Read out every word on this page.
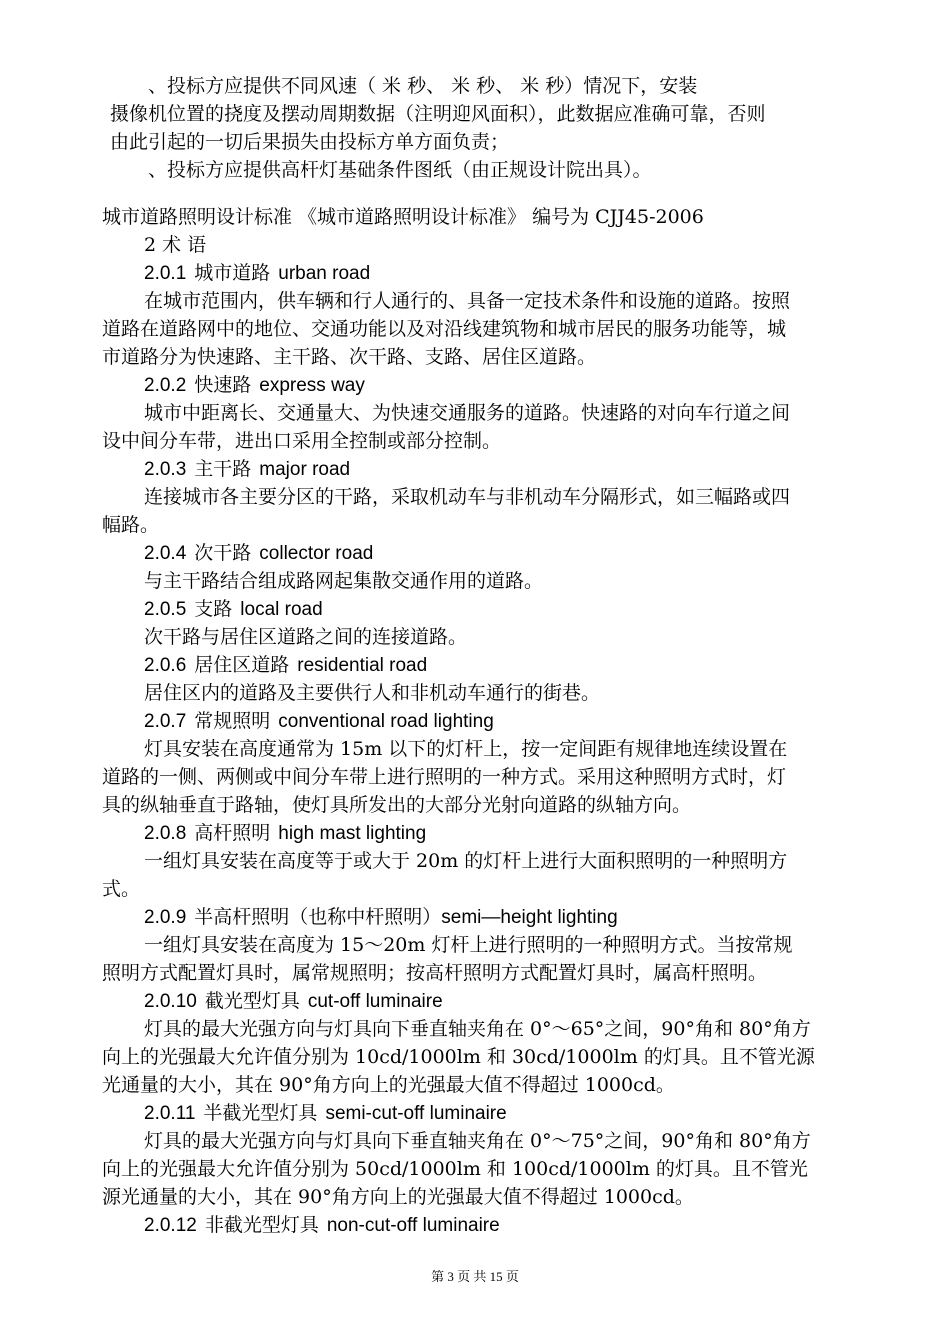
、投标方应提供不同风速（ 米 秒、 米 秒、 米 秒）情况下，安装
摄像机位置的挠度及摆动周期数据（注明迎风面积），此数据应准确可靠，否则
由此引起的一切后果损失由投标方单方面负责；
、投标方应提供高杆灯基础条件图纸（由正规设计院出具）。
城市道路照明设计标准 《城市道路照明设计标准》 编号为 CJJ45-2006
2 术 语
2.0.1 城市道路 urban road
在城市范围内，供车辆和行人通行的、具备一定技术条件和设施的道路。按照
道路在道路网中的地位、交通功能以及对沿线建筑物和城市居民的服务功能等，城
市道路分为快速路、主干路、次干路、支路、居住区道路。
2.0.2 快速路 express way
城市中距离长、交通量大、为快速交通服务的道路。快速路的对向车行道之间
设中间分车带，进出口采用全控制或部分控制。
2.0.3 主干路 major road
连接城市各主要分区的干路，采取机动车与非机动车分隔形式，如三幅路或四
幅路。
2.0.4 次干路 collector road
与主干路结合组成路网起集散交通作用的道路。
2.0.5 支路 local road
次干路与居住区道路之间的连接道路。
2.0.6 居住区道路 residential road
居住区内的道路及主要供行人和非机动车通行的街巷。
2.0.7 常规照明 conventional road lighting
灯具安装在高度通常为 15m 以下的灯杆上，按一定间距有规律地连续设置在
道路的一侧、两侧或中间分车带上进行照明的一种方式。采用这种照明方式时，灯
具的纵轴垂直于路轴，使灯具所发出的大部分光射向道路的纵轴方向。
2.0.8 高杆照明 high mast lighting
一组灯具安装在高度等于或大于 20m 的灯杆上进行大面积照明的一种照明方
式。
2.0.9 半高杆照明（也称中杆照明）semi—height lighting
一组灯具安装在高度为 15～20m 灯杆上进行照明的一种照明方式。当按常规
照明方式配置灯具时，属常规照明；按高杆照明方式配置灯具时，属高杆照明。
2.0.10 截光型灯具 cut-off luminaire
灯具的最大光强方向与灯具向下垂直轴夹角在 0°～65°之间，90°角和 80°角方
向上的光强最大允许值分别为 10cd/1000lm 和 30cd/1000lm 的灯具。且不管光源
光通量的大小，其在 90°角方向上的光强最大值不得超过 1000cd。
2.0.11 半截光型灯具 semi-cut-off luminaire
灯具的最大光强方向与灯具向下垂直轴夹角在 0°～75°之间，90°角和 80°角方
向上的光强最大允许值分别为 50cd/1000lm 和 100cd/1000lm 的灯具。且不管光
源光通量的大小，其在 90°角方向上的光强最大值不得超过 1000cd。
2.0.12 非截光型灯具 non-cut-off luminaire
第 3 页 共 15 页
